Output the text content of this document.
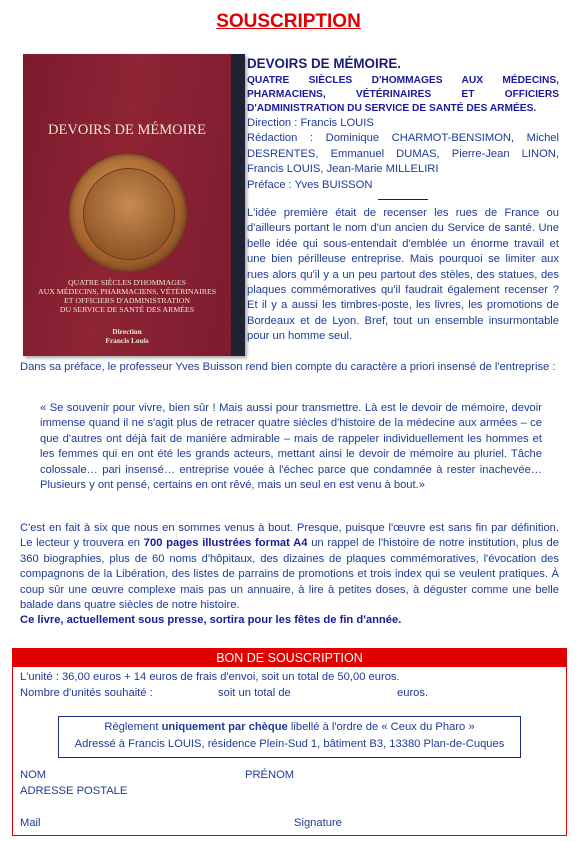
SOUSCRIPTION
DEVOIRS DE MÉMOIRE
QUATRE SIÈCLES D'HOMMAGES
AUX MÉDECINS, PHARMACIENS, VÉTÉRINAIRES
ET OFFICIERS D'ADMINISTRATION
DU SERVICE DE SANTÉ DES ARMÉES
Direction
Francis Louis
DEVOIRS DE MÉMOIRE.
QUATRE SIÈCLES D'HOMMAGES AUX MÉDECINS, PHARMACIENS, VÉTÉRINAIRES ET OFFICIERS D'ADMINISTRATION DU SERVICE DE SANTÉ DES ARMÉES.

Direction : Francis LOUIS

Rédaction : Dominique CHARMOT-BENSIMON, Michel DESRENTES, Emmanuel DUMAS, Pierre-Jean LINON, Francis LOUIS, Jean-Marie MILLELIRI

Préface : Yves BUISSON

L'idée première était de recenser les rues de France ou d'ailleurs portant le nom d'un ancien du Service de santé. Une belle idée qui sous-entendait d'emblée un énorme travail et une bien périlleuse entreprise. Mais pourquoi se limiter aux rues alors qu'il y a un peu partout des stèles, des statues, des plaques commémoratives qu'il faudrait également recenser ? Et il y a aussi les timbres-poste, les livres, les promotions de Bordeaux et de Lyon. Bref, tout un ensemble insurmontable pour un homme seul.

Dans sa préface, le professeur Yves Buisson rend bien compte du caractère a priori insensé de l'entreprise :

« Se souvenir pour vivre, bien sûr ! Mais aussi pour transmettre. Là est le devoir de mémoire, devoir immense quand il ne s'agit plus de retracer quatre siècles d'histoire de la médecine aux armées – ce que d'autres ont déjà fait de manière admirable – mais de rappeler individuellement les hommes et les femmes qui en ont été les grands acteurs, mettant ainsi le devoir de mémoire au pluriel. Tâche colossale… pari insensé… entreprise vouée à l'échec parce que condamnée à rester inachevée… Plusieurs y ont pensé, certains en ont rêvé, mais un seul en est venu à bout.»

C'est en fait à six que nous en sommes venus à bout. Presque, puisque l'œuvre est sans fin par définition. Le lecteur y trouvera en 700 pages illustrées format A4 un rappel de l'histoire de notre institution, plus de 360 biographies, plus de 60 noms d'hôpitaux, des dizaines de plaques commémoratives, l'évocation des compagnons de la Libération, des listes de parrains de promotions et trois index qui se veulent pratiques. À coup sûr une œuvre complexe mais pas un annuaire, à lire à petites doses, à déguster comme une belle balade dans quatre siècles de notre histoire.
Ce livre, actuellement sous presse, sortira pour les fêtes de fin d'année.

BON DE SOUSCRIPTION
L'unité : 36,00 euros + 14 euros de frais d'envoi, soit un total de 50,00 euros.
Nombre d'unités souhaité :	soit un total de	euros.
Règlement uniquement par chèque libellé à l'ordre de « Ceux du Pharo »
Adressé à Francis LOUIS, résidence Plein-Sud 1, bâtiment B3, 13380 Plan-de-Cuques
NOM	PRÉNOM
ADRESSE POSTALE
Mail	Signature
